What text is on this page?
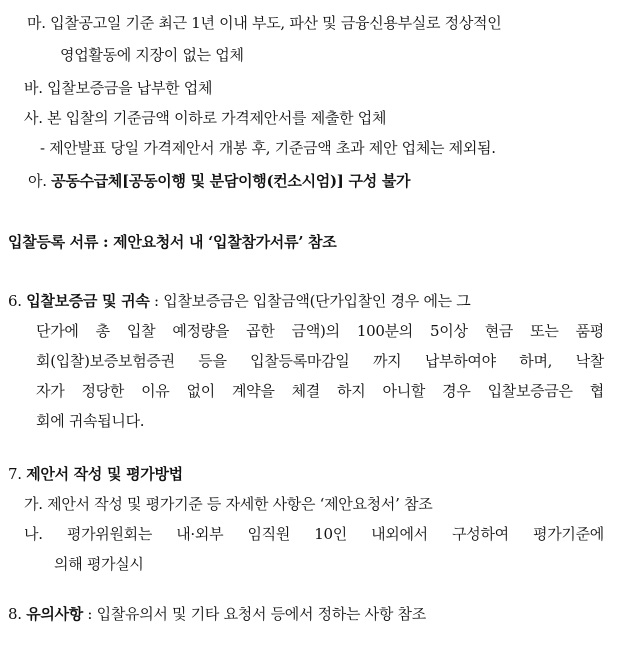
마. 입찰공고일 기준 최근 1년 이내 부도, 파산 및 금융신용부실로 정상적인
영업활동에 지장이 없는 업체
바. 입찰보증금을 납부한 업체
사. 본 입찰의 기준금액 이하로 가격제안서를 제출한 업체
- 제안발표 당일 가격제안서 개봉 후, 기준금액 초과 제안 업체는 제외됨.
아. 공동수급체[공동이행 및 분담이행(컨소시엄)] 구성 불가
입찰등록 서류 : 제안요청서 내 ‘입찰참가서류’ 참조
6. 입찰보증금 및 귀속 : 입찰보증금은 입찰금액(단가입찰인 경우 에는 그
단가에 총 입찰 예정량을 곱한 금액)의 100분의 5이상 현금 또는 품평
회(입찰)보증보험증권 등을 입찰등록마감일 까지 납부하여야 하며, 낙찰
자가 정당한 이유 없이 계약을 체결 하지 아니할 경우 입찰보증금은 협
회에 귀속됩니다.
7. 제안서 작성 및 평가방법
가. 제안서 작성 및 평가기준 등 자세한 사항은 ‘제안요청서’ 참조
나. 평가위원회는 내·외부 임직원 10인 내외에서 구성하여 평가기준에
의해 평가실시
8. 유의사항 : 입찰유의서 및 기타 요청서 등에서 정하는 사항 참조
